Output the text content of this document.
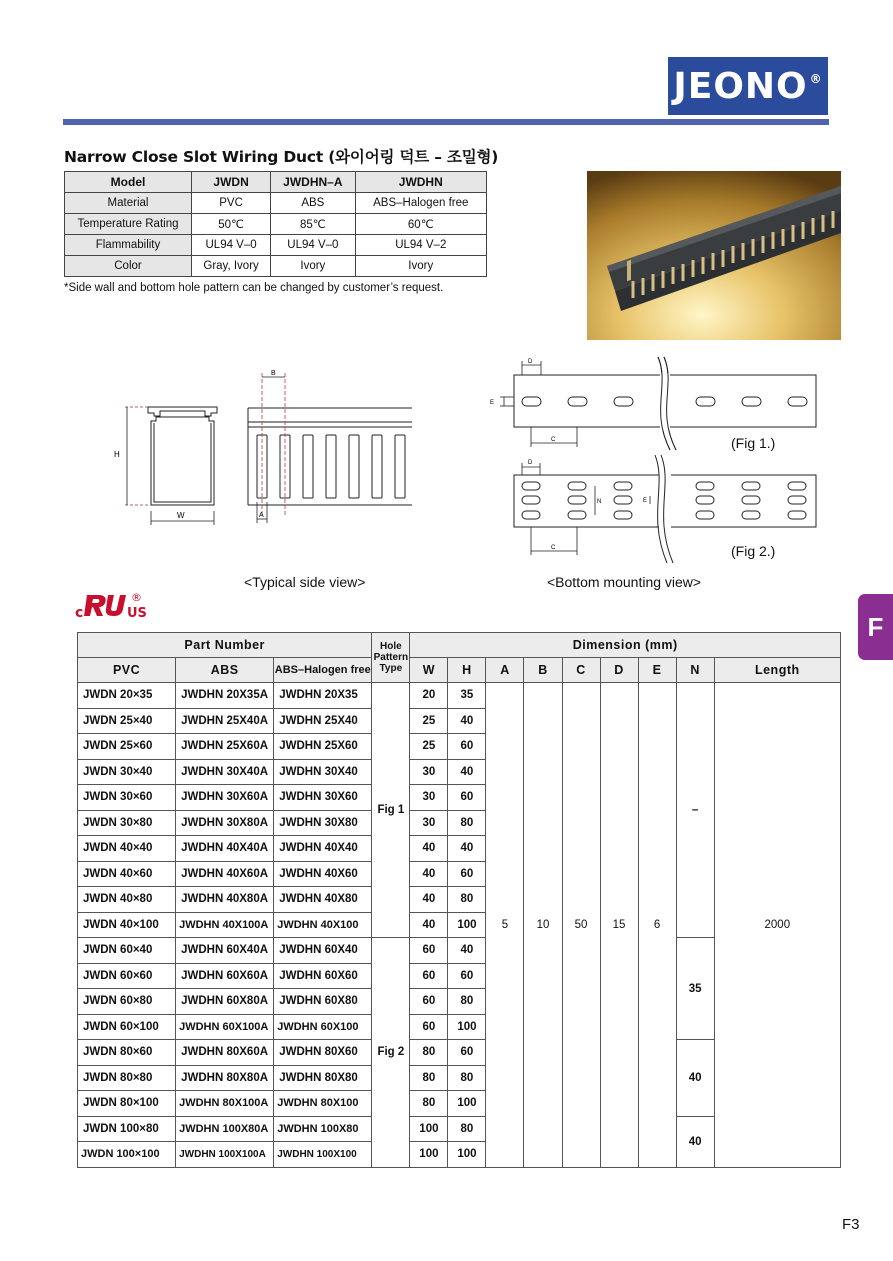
JEONO ®
Narrow Close Slot Wiring Duct (와이어링 덕트 – 조밀형)
Model	JWDN	JWDHN–A	JWDHN
Material	PVC	ABS	ABS–Halogen free
Temperature Rating	50℃	85℃	60℃
Flammability	UL94 V–0	UL94 V–0	UL94 V–2
Color	Gray, Ivory	Ivory	Ivory
*Side wall and bottom hole pattern can be changed by customer’s request.
H
W
B
A
D
E
C	(Fig 1.)
D
N	E
C	(Fig 2.)
<Typical side view>	<Bottom mounting view>
c	US
®
F
Part Number			Hole Pattern Type	Dimension (mm)								
PVC	ABS	ABS–Halogen free		W	H	A	B	C	D	E	N	Length
JWDN 20×35	JWDHN 20X35A	JWDHN 20X35	Fig 1	20	35	5	10	50	15	6	–	2000
JWDN 25×40	JWDHN 25X40A	JWDHN 25X40		25	40							
JWDN 25×60	JWDHN 25X60A	JWDHN 25X60		25	60							
JWDN 30×40	JWDHN 30X40A	JWDHN 30X40		30	40							
JWDN 30×60	JWDHN 30X60A	JWDHN 30X60		30	60							
JWDN 30×80	JWDHN 30X80A	JWDHN 30X80		30	80							
JWDN 40×40	JWDHN 40X40A	JWDHN 40X40		40	40							
JWDN 40×60	JWDHN 40X60A	JWDHN 40X60		40	60							
JWDN 40×80	JWDHN 40X80A	JWDHN 40X80		40	80							
JWDN 40×100	JWDHN 40X100A	JWDHN 40X100		40	100							
JWDN 60×40	JWDHN 60X40A	JWDHN 60X40	Fig 2	60	40						35	
JWDN 60×60	JWDHN 60X60A	JWDHN 60X60		60	60							
JWDN 60×80	JWDHN 60X80A	JWDHN 60X80		60	80							
JWDN 60×100	JWDHN 60X100A	JWDHN 60X100		60	100							
JWDN 80×60	JWDHN 80X60A	JWDHN 80X60		80	60						40	
JWDN 80×80	JWDHN 80X80A	JWDHN 80X80		80	80							
JWDN 80×100	JWDHN 80X100A	JWDHN 80X100		80	100							
JWDN 100×80	JWDHN 100X80A	JWDHN 100X80		100	80						40	
JWDN 100×100	JWDHN 100X100A	JWDHN 100X100		100	100							
F3
